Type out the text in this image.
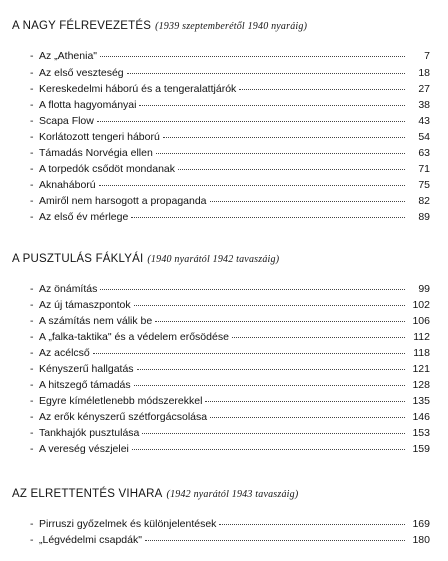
A NAGY FÉLREVEZETÉS (1939 szeptemberétől 1940 nyaráig)
- Az „Athenia"	7
- Az első veszteség	18
- Kereskedelmi háború és a tengeralattjárók	27
- A flotta hagyományai	38
- Scapa Flow	43
- Korlátozott tengeri háború	54
- Támadás Norvégia ellen	63
- A torpedók csődöt mondanak	71
- Aknaháború	75
- Amiről nem harsogott a propaganda	82
- Az első év mérlege	89
A PUSZTULÁS FÁKLYÁI (1940 nyarától 1942 tavaszáig)
- Az önámítás	99
- Az új támaszpontok	102
- A számítás nem válik be	106
- A „falka-taktika" és a védelem erősödése	112
- Az acélcső	118
- Kényszerű hallgatás	121
- A hitszegő támadás	128
- Egyre kíméletlenebb módszerekkel	135
- Az erők kényszerű szétforgácsolása	146
- Tankhajók pusztulása	153
- A vereség vészjelei	159
AZ ELRETTENTÉS VIHARA (1942 nyarától 1943 tavaszáig)
- Pirruszi győzelmek és különjelentések	169
- „Légvédelmi csapdák"	180
